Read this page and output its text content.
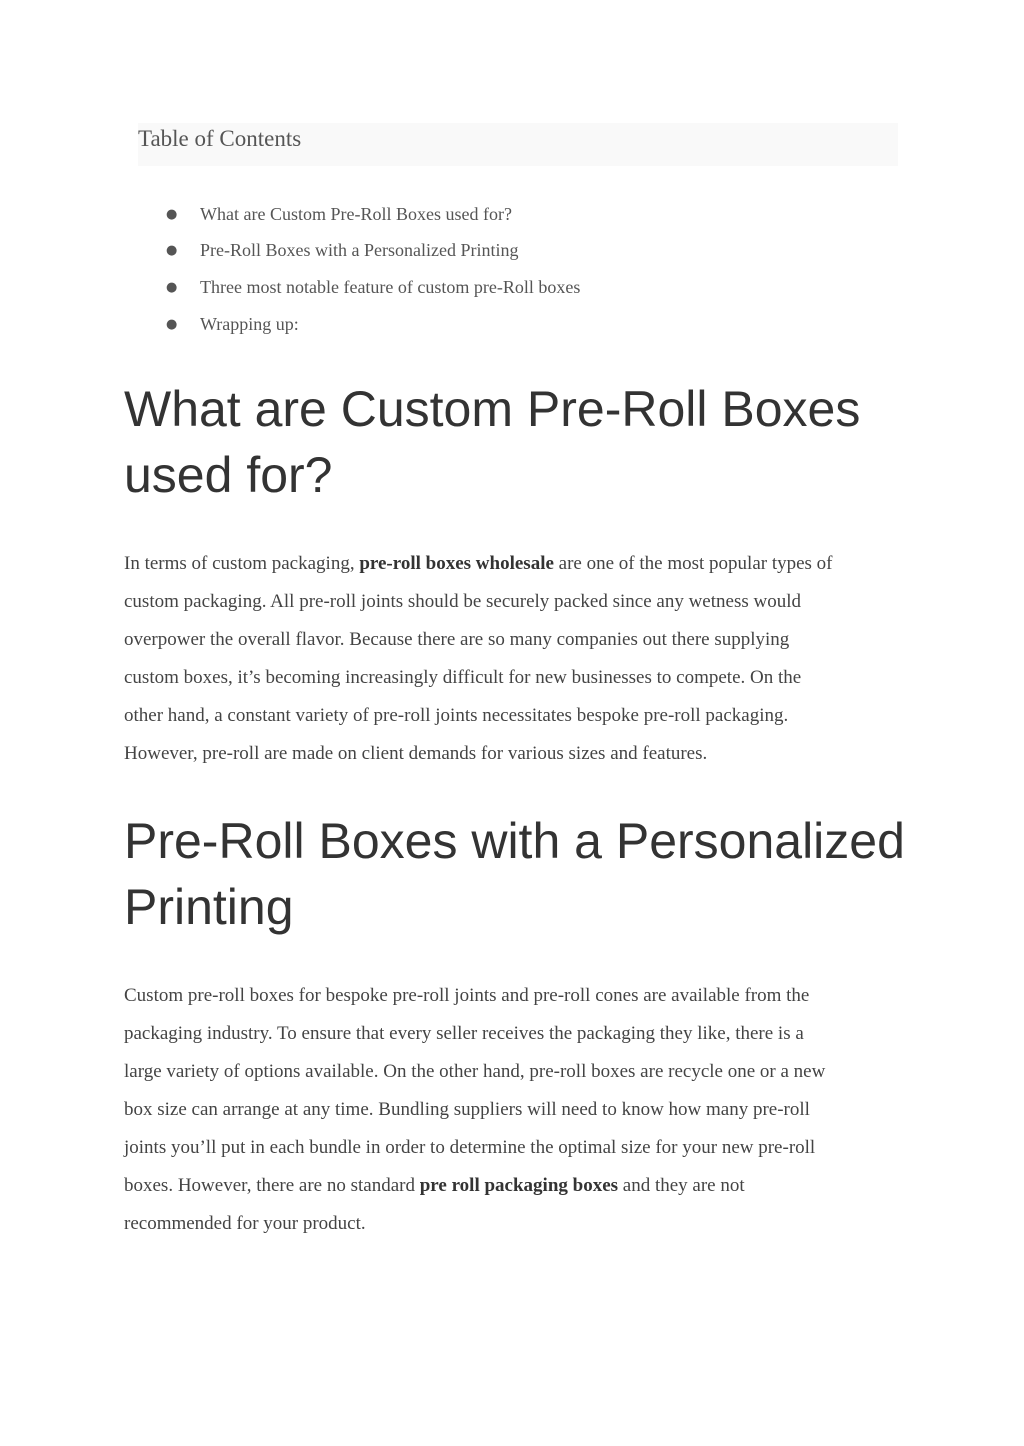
Table of Contents
●	What are Custom Pre-Roll Boxes used for?
●	Pre-Roll Boxes with a Personalized Printing
●	Three most notable feature of custom pre-Roll boxes
●	Wrapping up:
What are Custom Pre-Roll Boxes
used for?

In terms of custom packaging, pre-roll boxes wholesale are one of the most popular types of
custom packaging. All pre-roll joints should be securely packed since any wetness would
overpower the overall flavor. Because there are so many companies out there supplying
custom boxes, it’s becoming increasingly difficult for new businesses to compete. On the
other hand, a constant variety of pre-roll joints necessitates bespoke pre-roll packaging.
However, pre-roll are made on client demands for various sizes and features.

Pre-Roll Boxes with a Personalized
Printing

Custom pre-roll boxes for bespoke pre-roll joints and pre-roll cones are available from the
packaging industry. To ensure that every seller receives the packaging they like, there is a
large variety of options available. On the other hand, pre-roll boxes are recycle one or a new
box size can arrange at any time. Bundling suppliers will need to know how many pre-roll
joints you’ll put in each bundle in order to determine the optimal size for your new pre-roll
boxes. However, there are no standard pre roll packaging boxes and they are not
recommended for your product.
